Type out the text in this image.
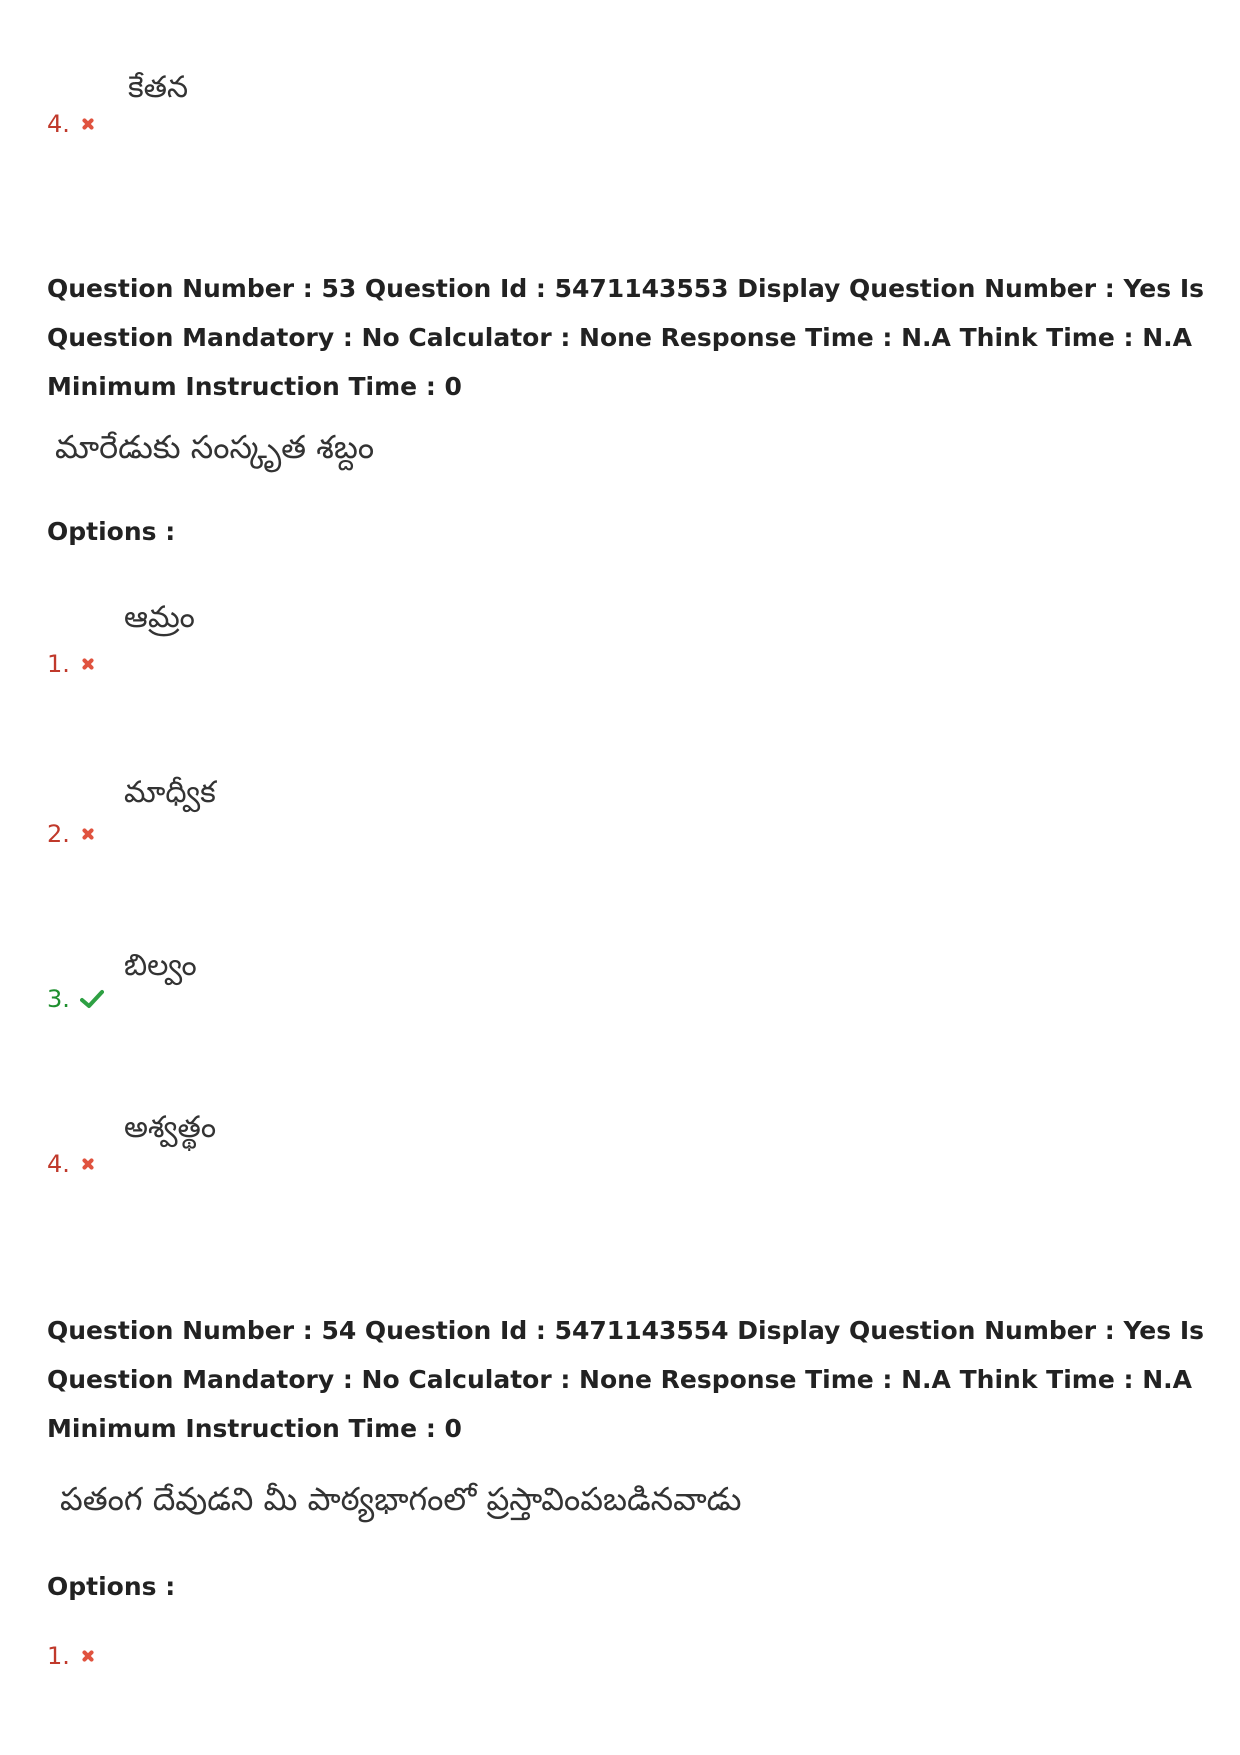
కేతన
4.
Question Number : 53 Question Id : 5471143553 Display Question Number : Yes Is Question Mandatory : No Calculator : None Response Time : N.A Think Time : N.A Minimum Instruction Time : 0
మారేడుకు సంస్కృత శబ్దం
Options :
ఆమ్రం
1.
మాధ్వీక
2.
బిల్వం
3.
అశ్వత్థం
4.
Question Number : 54 Question Id : 5471143554 Display Question Number : Yes Is Question Mandatory : No Calculator : None Response Time : N.A Think Time : N.A Minimum Instruction Time : 0
పతంగ దేవుడని మీ పాఠ్యభాగంలో ప్రస్తావింపబడినవాడు
Options :
1.
